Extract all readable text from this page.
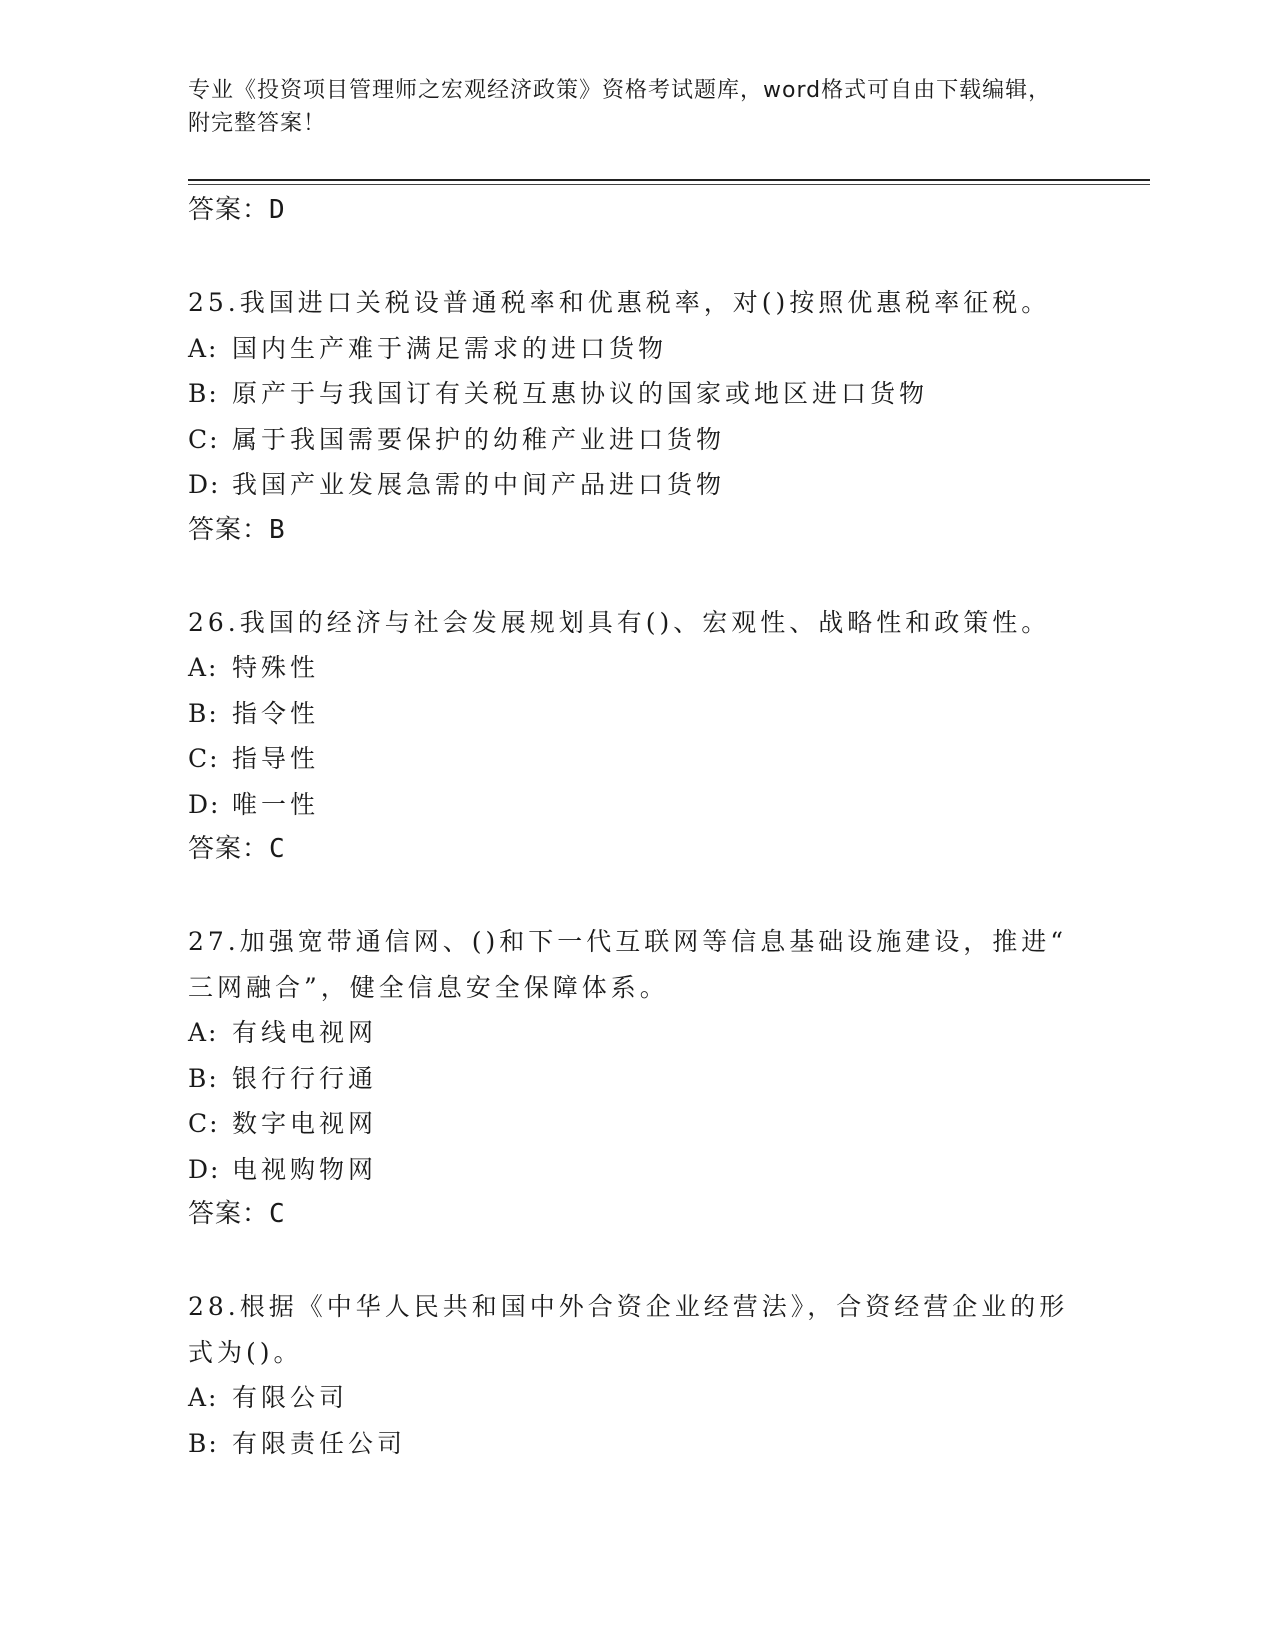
专业《投资项目管理师之宏观经济政策》资格考试题库，word格式可自由下载编辑，附完整答案！
答案：D
25.我国进口关税设普通税率和优惠税率，对()按照优惠税率征税。
A: 国内生产难于满足需求的进口货物
B: 原产于与我国订有关税互惠协议的国家或地区进口货物
C: 属于我国需要保护的幼稚产业进口货物
D: 我国产业发展急需的中间产品进口货物
答案：B
26.我国的经济与社会发展规划具有()、宏观性、战略性和政策性。
A: 特殊性
B: 指令性
C: 指导性
D: 唯一性
答案：C
27.加强宽带通信网、()和下一代互联网等信息基础设施建设，推进“
三网融合”，健全信息安全保障体系。
A: 有线电视网
B: 银行行行通
C: 数字电视网
D: 电视购物网
答案：C
28.根据《中华人民共和国中外合资企业经营法》，合资经营企业的形
式为()。
A: 有限公司
B: 有限责任公司
